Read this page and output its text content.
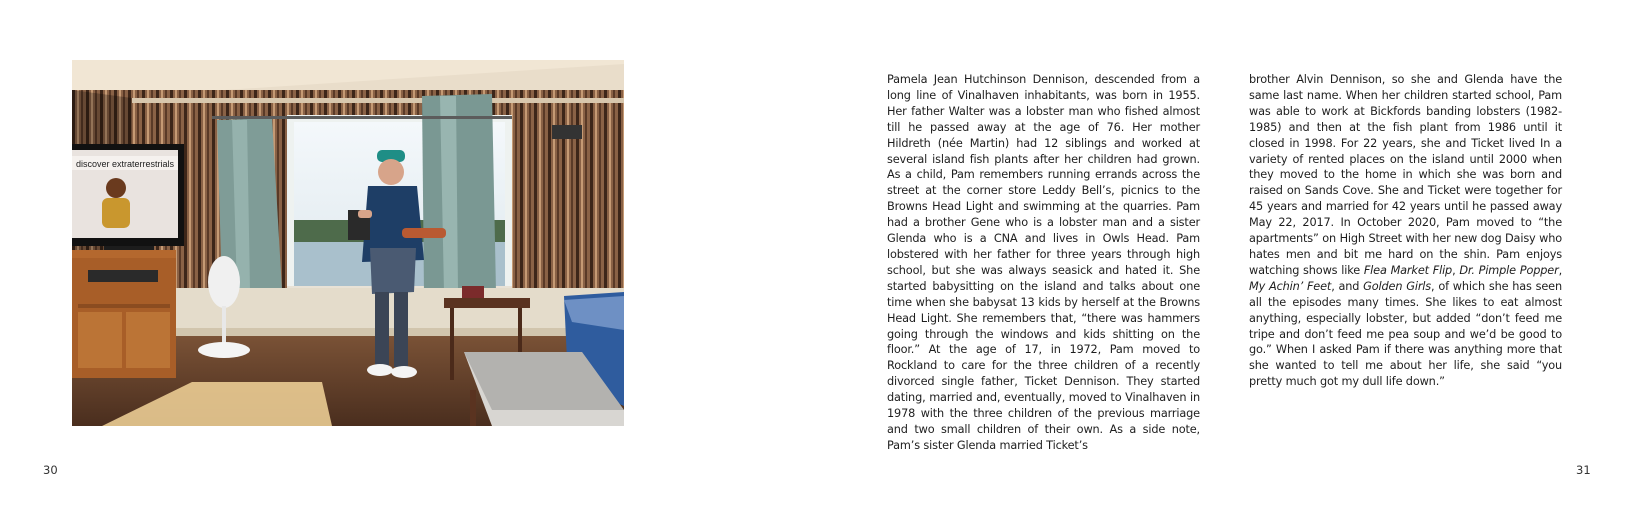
discover extraterrestrials
30	31

Pamela Jean Hutchinson Dennison, descended from a long line of Vinalhaven inhabitants, was born in 1955. Her father Walter was a lobster man who fished almost till he passed away at the age of 76. Her mother Hildreth (née Martin) had 12 siblings and worked at several island fish plants after her children had grown. As a child, Pam remembers running errands across the street at the corner store Leddy Bell’s, picnics to the Browns Head Light and swimming at the quarries. Pam had a brother Gene who is a lobster man and a sister Glenda who is a CNA and lives in Owls Head. Pam lobstered with her father for three years through high school, but she was always seasick and hated it. She started babysitting on the island and talks about one time when she babysat 13 kids by herself at the Browns Head Light. She remembers that, “there was hammers going through the windows and kids shitting on the floor.” At the age of 17, in 1972, Pam moved to Rockland to care for the three children of a recently divorced single father, Ticket Dennison. They started dating, married and, eventually, moved to Vinalhaven in 1978 with the three children of the previous marriage and two small children of their own. As a side note, Pam’s sister Glenda married Ticket’s

brother Alvin Dennison, so she and Glenda have the same last name. When her children started school, Pam was able to work at Bickfords banding lobsters (1982-1985) and then at the fish plant from 1986 until it closed in 1998. For 22 years, she and Ticket lived In a variety of rented places on the island until 2000 when they moved to the home in which she was born and raised on Sands Cove. She and Ticket were together for 45 years and married for 42 years until he passed away May 22, 2017. In October 2020, Pam moved to “the apartments” on High Street with her new dog Daisy who hates men and bit me hard on the shin. Pam enjoys watching shows like Flea Market Flip, Dr. Pimple Popper, My Achin’ Feet, and Golden Girls, of which she has seen all the episodes many times. She likes to eat almost anything, especially lobster, but added “don’t feed me tripe and don’t feed me pea soup and we’d be good to go.” When I asked Pam if there was anything more that she wanted to tell me about her life, she said “you pretty much got my dull life down.”
